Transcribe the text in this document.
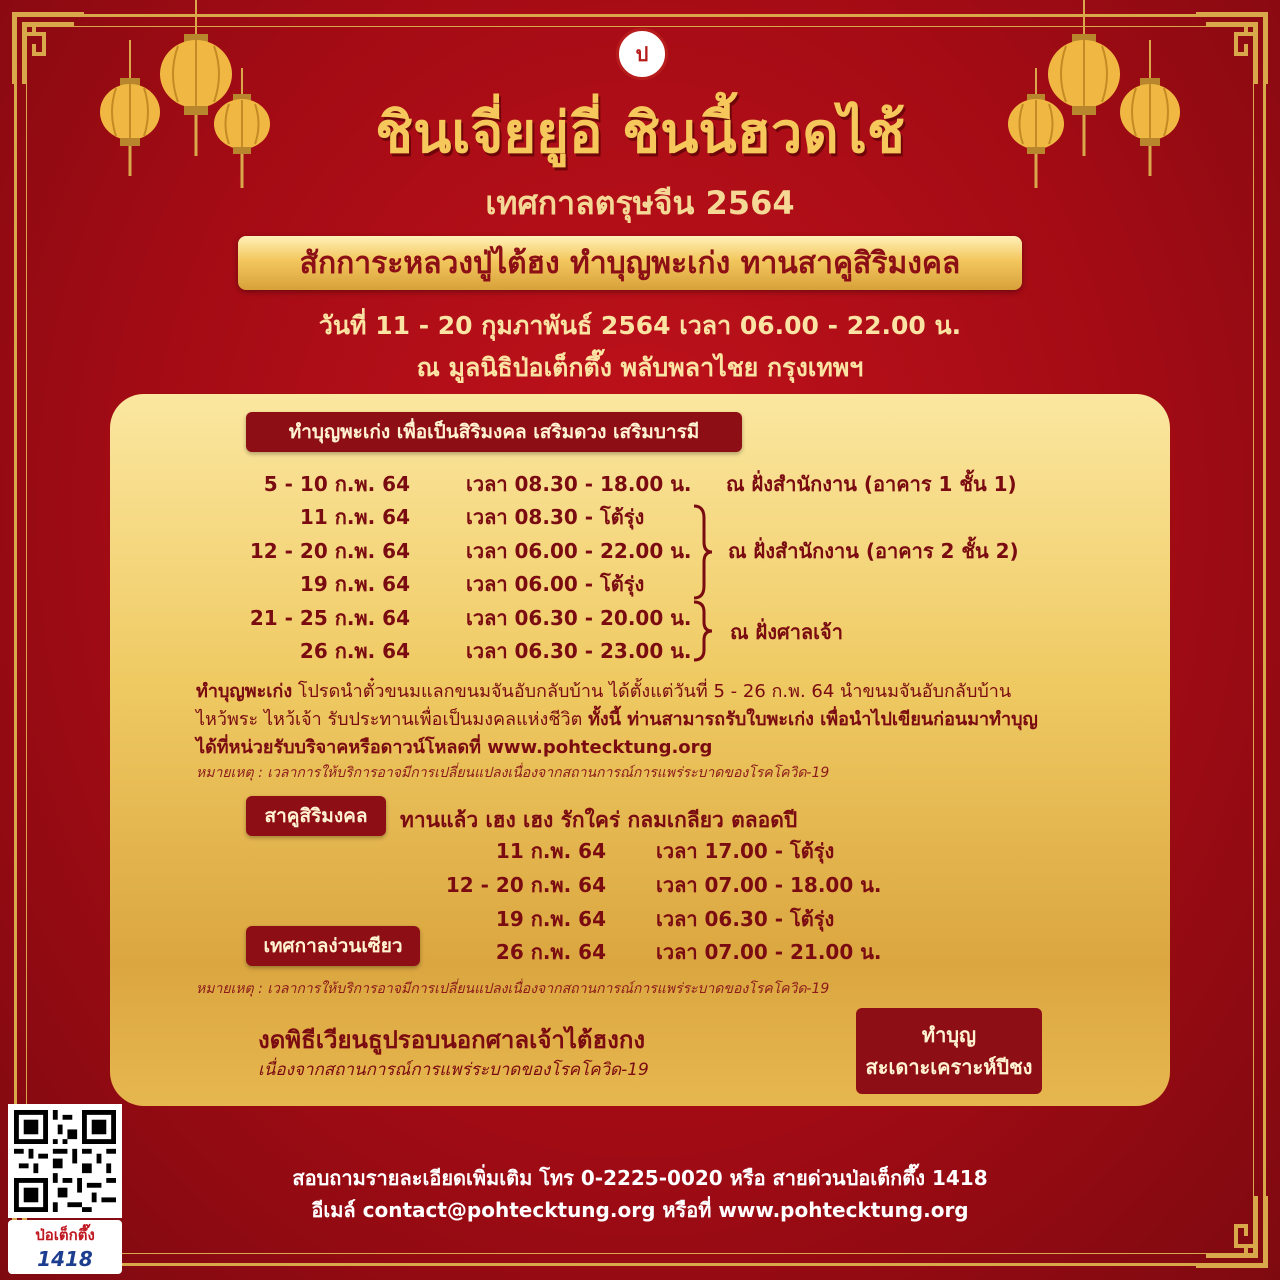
ป
ชินเจี่ยยู่อี่ ชินนี้ฮวดไช้
เทศกาลตรุษจีน 2564
สักการะหลวงปู่ไต้ฮง ทำบุญพะเก่ง ทานสาคูสิริมงคล
วันที่ 11 - 20 กุมภาพันธ์ 2564 เวลา 06.00 - 22.00 น.
ณ มูลนิธิป่อเต็กตึ๊ง พลับพลาไชย กรุงเทพฯ
ทำบุญพะเก่ง เพื่อเป็นสิริมงคล เสริมดวง เสริมบารมี
5 - 10 ก.พ. 64
11 ก.พ. 64
12 - 20 ก.พ. 64
19 ก.พ. 64
21 - 25 ก.พ. 64
26 ก.พ. 64
เวลา 08.30 - 18.00 น.
เวลา 08.30 - โต้รุ่ง
เวลา 06.00 - 22.00 น.
เวลา 06.00 - โต้รุ่ง
เวลา 06.30 - 20.00 น.
เวลา 06.30 - 23.00 น.
ณ ฝั่งสำนักงาน (อาคาร 1 ชั้น 1)
ณ ฝั่งสำนักงาน (อาคาร 2 ชั้น 2)
ณ ฝั่งศาลเจ้า
ทำบุญพะเก่ง โปรดนำตั๋วขนมแลกขนมจันอับกลับบ้าน ได้ตั้งแต่วันที่ 5 - 26 ก.พ. 64 นำขนมจันอับกลับบ้าน
ไหว้พระ ไหว้เจ้า รับประทานเพื่อเป็นมงคลแห่งชีวิต ทั้งนี้ ท่านสามารถรับใบพะเก่ง เพื่อนำไปเขียนก่อนมาทำบุญ
ได้ที่หน่วยรับบริจาคหรือดาวน์โหลดที่ www.pohtecktung.org
หมายเหตุ : เวลาการให้บริการอาจมีการเปลี่ยนแปลงเนื่องจากสถานการณ์การแพร่ระบาดของโรคโควิด-19
สาคูสิริมงคล	ทานแล้ว เฮง เฮง รักใคร่ กลมเกลียว ตลอดปี
11 ก.พ. 64
12 - 20 ก.พ. 64
19 ก.พ. 64
26 ก.พ. 64
เวลา 17.00 - โต้รุ่ง
เวลา 07.00 - 18.00 น.
เวลา 06.30 - โต้รุ่ง
เวลา 07.00 - 21.00 น.
เทศกาลง่วนเซียว
หมายเหตุ : เวลาการให้บริการอาจมีการเปลี่ยนแปลงเนื่องจากสถานการณ์การแพร่ระบาดของโรคโควิด-19
งดพิธีเวียนธูปรอบนอกศาลเจ้าไต้ฮงกง
เนื่องจากสถานการณ์การแพร่ระบาดของโรคโควิด-19
ทำบุญ
สะเดาะเคราะห์ปีชง
ป่อเต็กตึ๊ง
1418
สอบถามรายละเอียดเพิ่มเติม โทร 0-2225-0020 หรือ สายด่วนป่อเต็กตึ๊ง 1418
อีเมล์ contact@pohtecktung.org หรือที่ www.pohtecktung.org
